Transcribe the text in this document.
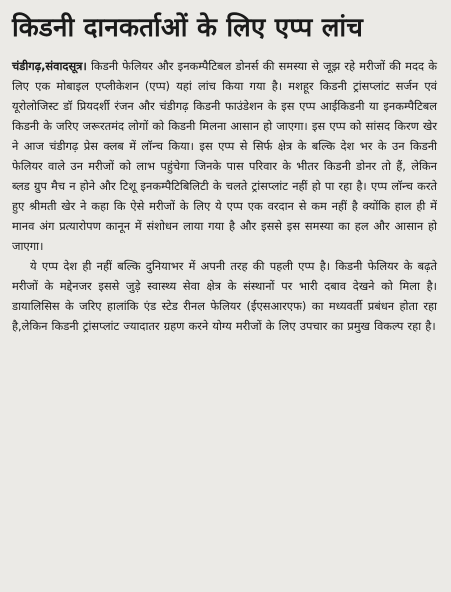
किडनी दानकर्ताओं के लिए एप्प लांच

चंडीगढ़,संवादसूत्र। किडनी फेलियर और इनकम्पैटिबल डोनर्स की समस्या से जूझ रहे मरीजों की मदद के लिए एक मोबाइल एप्लीकेशन (एप्प) यहां लांच किया गया है। मशहूर किडनी ट्रांसप्लांट सर्जन एवं यूरोलोजिस्ट डॉ प्रियदर्शी रंजन और चंडीगढ़ किडनी फाउंडेशन के इस एप्प आईकिडनी या इनकम्पैटिबल किडनी के जरिए जरूरतमंद लोगों को किडनी मिलना आसान हो जाएगा। इस एप्प को सांसद किरण खेर ने आज चंडीगढ़ प्रेस क्लब में लॉन्च किया। इस एप्प से सिर्फ क्षेत्र के बल्कि देश भर के उन किडनी फेलियर वाले उन मरीजों को लाभ पहुंचेगा जिनके पास परिवार के भीतर किडनी डोनर तो हैं, लेकिन ब्लड ग्रुप मैच न होने और टिशू इनकम्पैटिबिलिटी के चलते ट्रांसप्लांट नहीं हो पा रहा है। एप्प लॉन्च करते हुए श्रीमती खेर ने कहा कि ऐसे मरीजों के लिए ये एप्प एक वरदान से कम नहीं है क्योंकि हाल ही में मानव अंग प्रत्यारोपण कानून में संशोधन लाया गया है और इससे इस समस्या का हल और आसान हो जाएगा।

ये एप्प देश ही नहीं बल्कि दुनियाभर में अपनी तरह की पहली एप्प है। किडनी फेलियर के बढ़ते मरीजों के मद्देनजर इससे जुड़े स्वास्थ्य सेवा क्षेत्र के संस्थानों पर भारी दबाव देखने को मिला है। डायालिसिस के जरिए हालांकि एंड स्टेड रीनल फेलियर (ईएसआरएफ) का मध्यवर्ती प्रबंधन होता रहा है,लेकिन किडनी ट्रांसप्लांट ज्यादातर ग्रहण करने योग्य मरीजों के लिए उपचार का प्रमुख विकल्प रहा है।
